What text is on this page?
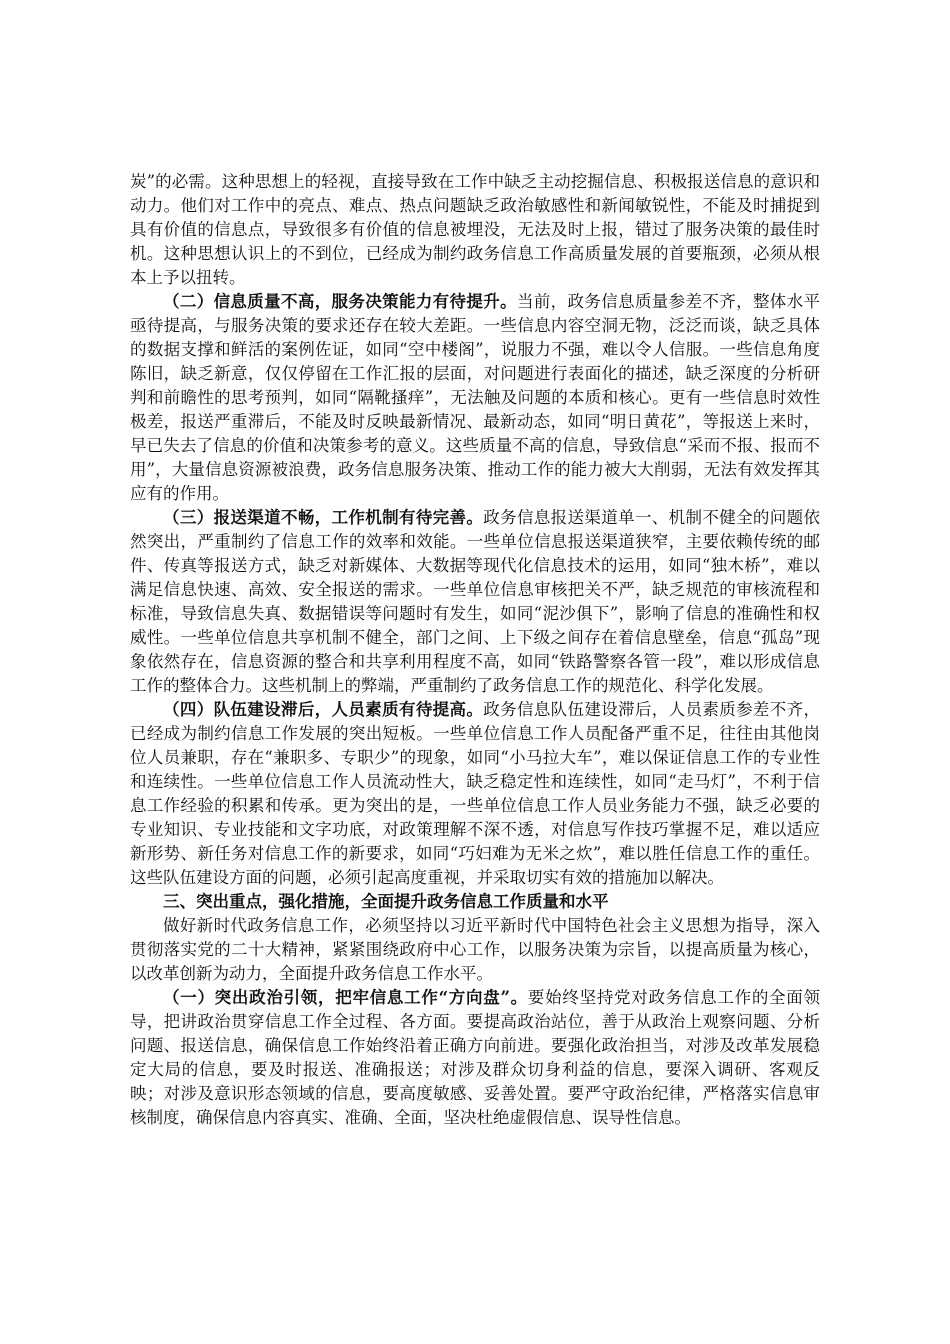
炭”的必需。这种思想上的轻视，直接导致在工作中缺乏主动挖掘信息、积极报送信息的意识和动力。他们对工作中的亮点、难点、热点问题缺乏政治敏感性和新闻敏锐性，不能及时捕捉到具有价值的信息点，导致很多有价值的信息被埋没，无法及时上报，错过了服务决策的最佳时机。这种思想认识上的不到位，已经成为制约政务信息工作高质量发展的首要瓶颈，必须从根本上予以扭转。

（二）信息质量不高，服务决策能力有待提升。当前，政务信息质量参差不齐，整体水平亟待提高，与服务决策的要求还存在较大差距。一些信息内容空洞无物，泛泛而谈，缺乏具体的数据支撑和鲜活的案例佐证，如同“空中楼阁”，说服力不强，难以令人信服。一些信息角度陈旧，缺乏新意，仅仅停留在工作汇报的层面，对问题进行表面化的描述，缺乏深度的分析研判和前瞻性的思考预判，如同“隔靴搔痒”，无法触及问题的本质和核心。更有一些信息时效性极差，报送严重滞后，不能及时反映最新情况、最新动态，如同“明日黄花”，等报送上来时，早已失去了信息的价值和决策参考的意义。这些质量不高的信息，导致信息“采而不报、报而不用”，大量信息资源被浪费，政务信息服务决策、推动工作的能力被大大削弱，无法有效发挥其应有的作用。

（三）报送渠道不畅，工作机制有待完善。政务信息报送渠道单一、机制不健全的问题依然突出，严重制约了信息工作的效率和效能。一些单位信息报送渠道狭窄，主要依赖传统的邮件、传真等报送方式，缺乏对新媒体、大数据等现代化信息技术的运用，如同“独木桥”，难以满足信息快速、高效、安全报送的需求。一些单位信息审核把关不严，缺乏规范的审核流程和标准，导致信息失真、数据错误等问题时有发生，如同“泥沙俱下”，影响了信息的准确性和权威性。一些单位信息共享机制不健全，部门之间、上下级之间存在着信息壁垒，信息“孤岛”现象依然存在，信息资源的整合和共享利用程度不高，如同“铁路警察各管一段”，难以形成信息工作的整体合力。这些机制上的弊端，严重制约了政务信息工作的规范化、科学化发展。

（四）队伍建设滞后，人员素质有待提高。政务信息队伍建设滞后，人员素质参差不齐，已经成为制约信息工作发展的突出短板。一些单位信息工作人员配备严重不足，往往由其他岗位人员兼职，存在“兼职多、专职少”的现象，如同“小马拉大车”，难以保证信息工作的专业性和连续性。一些单位信息工作人员流动性大，缺乏稳定性和连续性，如同“走马灯”，不利于信息工作经验的积累和传承。更为突出的是，一些单位信息工作人员业务能力不强，缺乏必要的专业知识、专业技能和文字功底，对政策理解不深不透，对信息写作技巧掌握不足，难以适应新形势、新任务对信息工作的新要求，如同“巧妇难为无米之炊”，难以胜任信息工作的重任。这些队伍建设方面的问题，必须引起高度重视，并采取切实有效的措施加以解决。

三、突出重点，强化措施，全面提升政务信息工作质量和水平

做好新时代政务信息工作，必须坚持以习近平新时代中国特色社会主义思想为指导，深入贯彻落实党的二十大精神，紧紧围绕政府中心工作，以服务决策为宗旨，以提高质量为核心，以改革创新为动力，全面提升政务信息工作水平。

（一）突出政治引领，把牢信息工作“方向盘”。要始终坚持党对政务信息工作的全面领导，把讲政治贯穿信息工作全过程、各方面。要提高政治站位，善于从政治上观察问题、分析问题、报送信息，确保信息工作始终沿着正确方向前进。要强化政治担当，对涉及改革发展稳定大局的信息，要及时报送、准确报送；对涉及群众切身利益的信息，要深入调研、客观反映；对涉及意识形态领域的信息，要高度敏感、妥善处置。要严守政治纪律，严格落实信息审核制度，确保信息内容真实、准确、全面，坚决杜绝虚假信息、误导性信息。
